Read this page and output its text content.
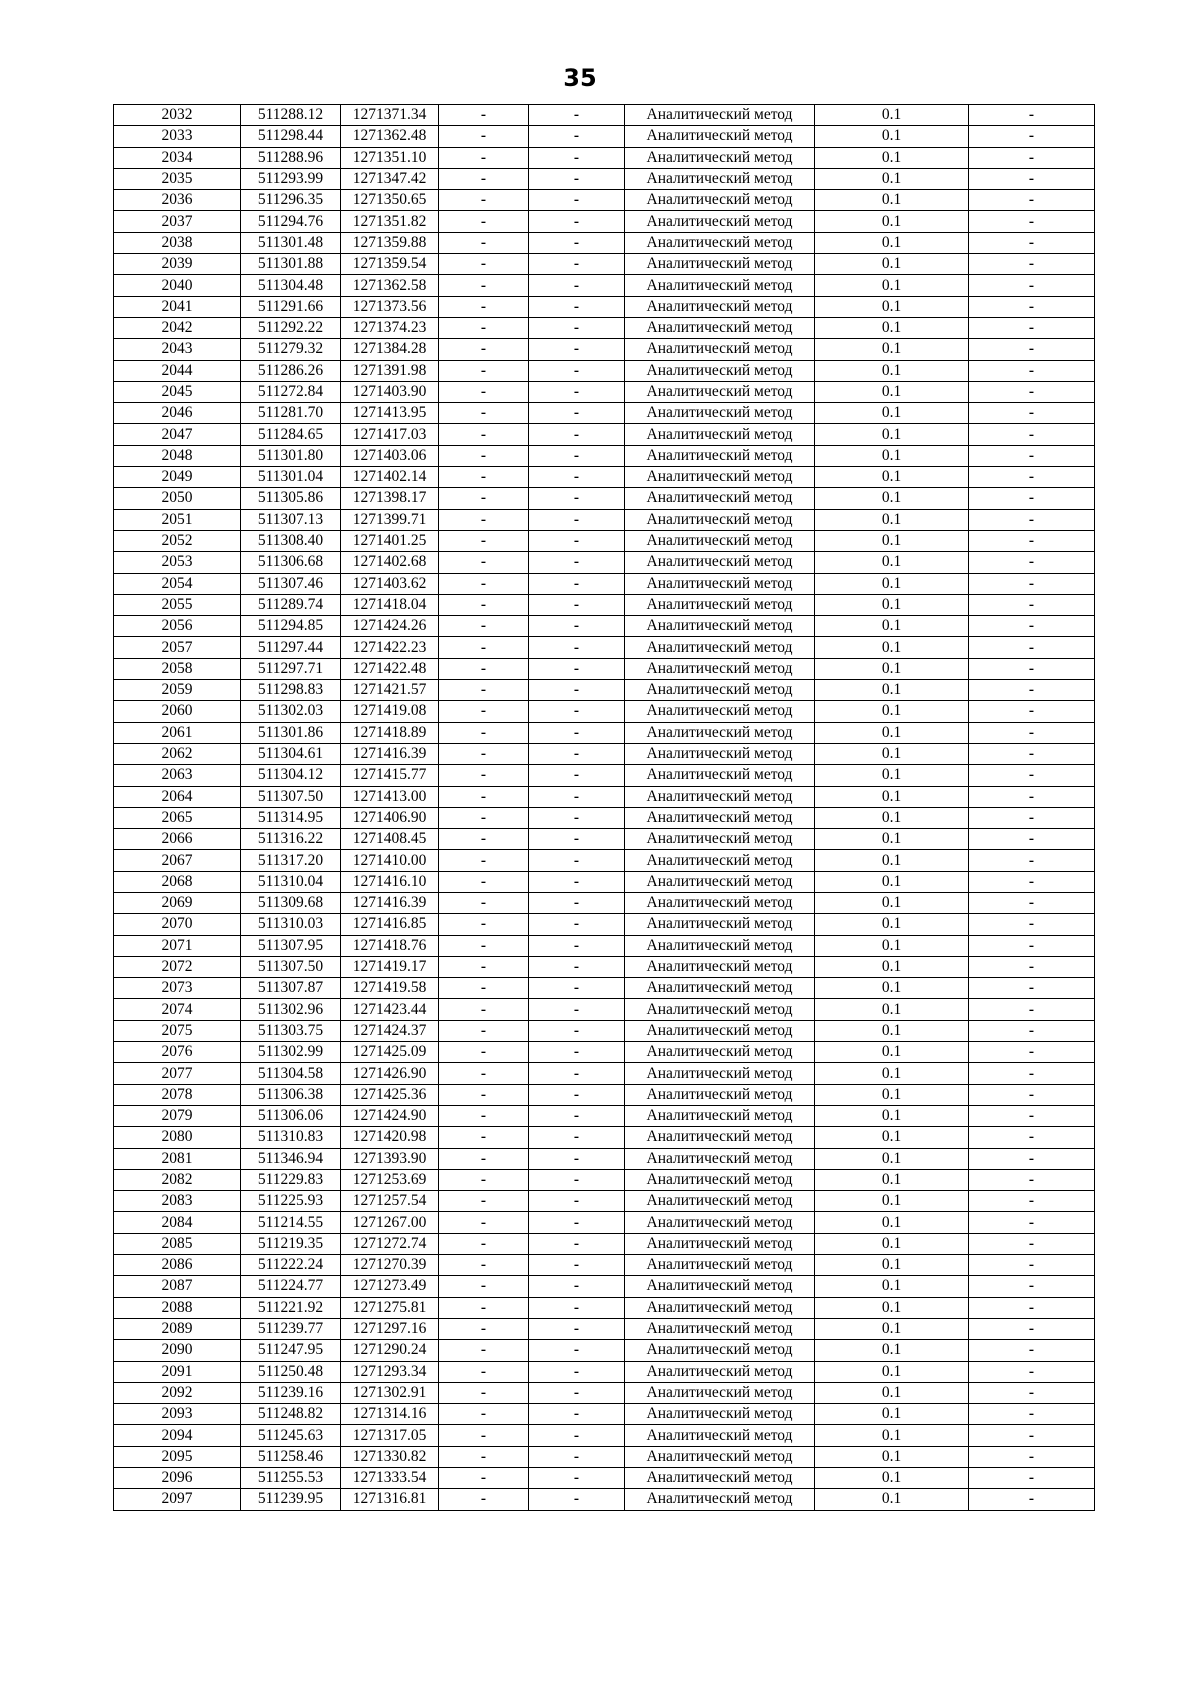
35
2032	511288.12	1271371.34	-	-	Аналитический метод	0.1	-
2033	511298.44	1271362.48	-	-	Аналитический метод	0.1	-
2034	511288.96	1271351.10	-	-	Аналитический метод	0.1	-
2035	511293.99	1271347.42	-	-	Аналитический метод	0.1	-
2036	511296.35	1271350.65	-	-	Аналитический метод	0.1	-
2037	511294.76	1271351.82	-	-	Аналитический метод	0.1	-
2038	511301.48	1271359.88	-	-	Аналитический метод	0.1	-
2039	511301.88	1271359.54	-	-	Аналитический метод	0.1	-
2040	511304.48	1271362.58	-	-	Аналитический метод	0.1	-
2041	511291.66	1271373.56	-	-	Аналитический метод	0.1	-
2042	511292.22	1271374.23	-	-	Аналитический метод	0.1	-
2043	511279.32	1271384.28	-	-	Аналитический метод	0.1	-
2044	511286.26	1271391.98	-	-	Аналитический метод	0.1	-
2045	511272.84	1271403.90	-	-	Аналитический метод	0.1	-
2046	511281.70	1271413.95	-	-	Аналитический метод	0.1	-
2047	511284.65	1271417.03	-	-	Аналитический метод	0.1	-
2048	511301.80	1271403.06	-	-	Аналитический метод	0.1	-
2049	511301.04	1271402.14	-	-	Аналитический метод	0.1	-
2050	511305.86	1271398.17	-	-	Аналитический метод	0.1	-
2051	511307.13	1271399.71	-	-	Аналитический метод	0.1	-
2052	511308.40	1271401.25	-	-	Аналитический метод	0.1	-
2053	511306.68	1271402.68	-	-	Аналитический метод	0.1	-
2054	511307.46	1271403.62	-	-	Аналитический метод	0.1	-
2055	511289.74	1271418.04	-	-	Аналитический метод	0.1	-
2056	511294.85	1271424.26	-	-	Аналитический метод	0.1	-
2057	511297.44	1271422.23	-	-	Аналитический метод	0.1	-
2058	511297.71	1271422.48	-	-	Аналитический метод	0.1	-
2059	511298.83	1271421.57	-	-	Аналитический метод	0.1	-
2060	511302.03	1271419.08	-	-	Аналитический метод	0.1	-
2061	511301.86	1271418.89	-	-	Аналитический метод	0.1	-
2062	511304.61	1271416.39	-	-	Аналитический метод	0.1	-
2063	511304.12	1271415.77	-	-	Аналитический метод	0.1	-
2064	511307.50	1271413.00	-	-	Аналитический метод	0.1	-
2065	511314.95	1271406.90	-	-	Аналитический метод	0.1	-
2066	511316.22	1271408.45	-	-	Аналитический метод	0.1	-
2067	511317.20	1271410.00	-	-	Аналитический метод	0.1	-
2068	511310.04	1271416.10	-	-	Аналитический метод	0.1	-
2069	511309.68	1271416.39	-	-	Аналитический метод	0.1	-
2070	511310.03	1271416.85	-	-	Аналитический метод	0.1	-
2071	511307.95	1271418.76	-	-	Аналитический метод	0.1	-
2072	511307.50	1271419.17	-	-	Аналитический метод	0.1	-
2073	511307.87	1271419.58	-	-	Аналитический метод	0.1	-
2074	511302.96	1271423.44	-	-	Аналитический метод	0.1	-
2075	511303.75	1271424.37	-	-	Аналитический метод	0.1	-
2076	511302.99	1271425.09	-	-	Аналитический метод	0.1	-
2077	511304.58	1271426.90	-	-	Аналитический метод	0.1	-
2078	511306.38	1271425.36	-	-	Аналитический метод	0.1	-
2079	511306.06	1271424.90	-	-	Аналитический метод	0.1	-
2080	511310.83	1271420.98	-	-	Аналитический метод	0.1	-
2081	511346.94	1271393.90	-	-	Аналитический метод	0.1	-
2082	511229.83	1271253.69	-	-	Аналитический метод	0.1	-
2083	511225.93	1271257.54	-	-	Аналитический метод	0.1	-
2084	511214.55	1271267.00	-	-	Аналитический метод	0.1	-
2085	511219.35	1271272.74	-	-	Аналитический метод	0.1	-
2086	511222.24	1271270.39	-	-	Аналитический метод	0.1	-
2087	511224.77	1271273.49	-	-	Аналитический метод	0.1	-
2088	511221.92	1271275.81	-	-	Аналитический метод	0.1	-
2089	511239.77	1271297.16	-	-	Аналитический метод	0.1	-
2090	511247.95	1271290.24	-	-	Аналитический метод	0.1	-
2091	511250.48	1271293.34	-	-	Аналитический метод	0.1	-
2092	511239.16	1271302.91	-	-	Аналитический метод	0.1	-
2093	511248.82	1271314.16	-	-	Аналитический метод	0.1	-
2094	511245.63	1271317.05	-	-	Аналитический метод	0.1	-
2095	511258.46	1271330.82	-	-	Аналитический метод	0.1	-
2096	511255.53	1271333.54	-	-	Аналитический метод	0.1	-
2097	511239.95	1271316.81	-	-	Аналитический метод	0.1	-
